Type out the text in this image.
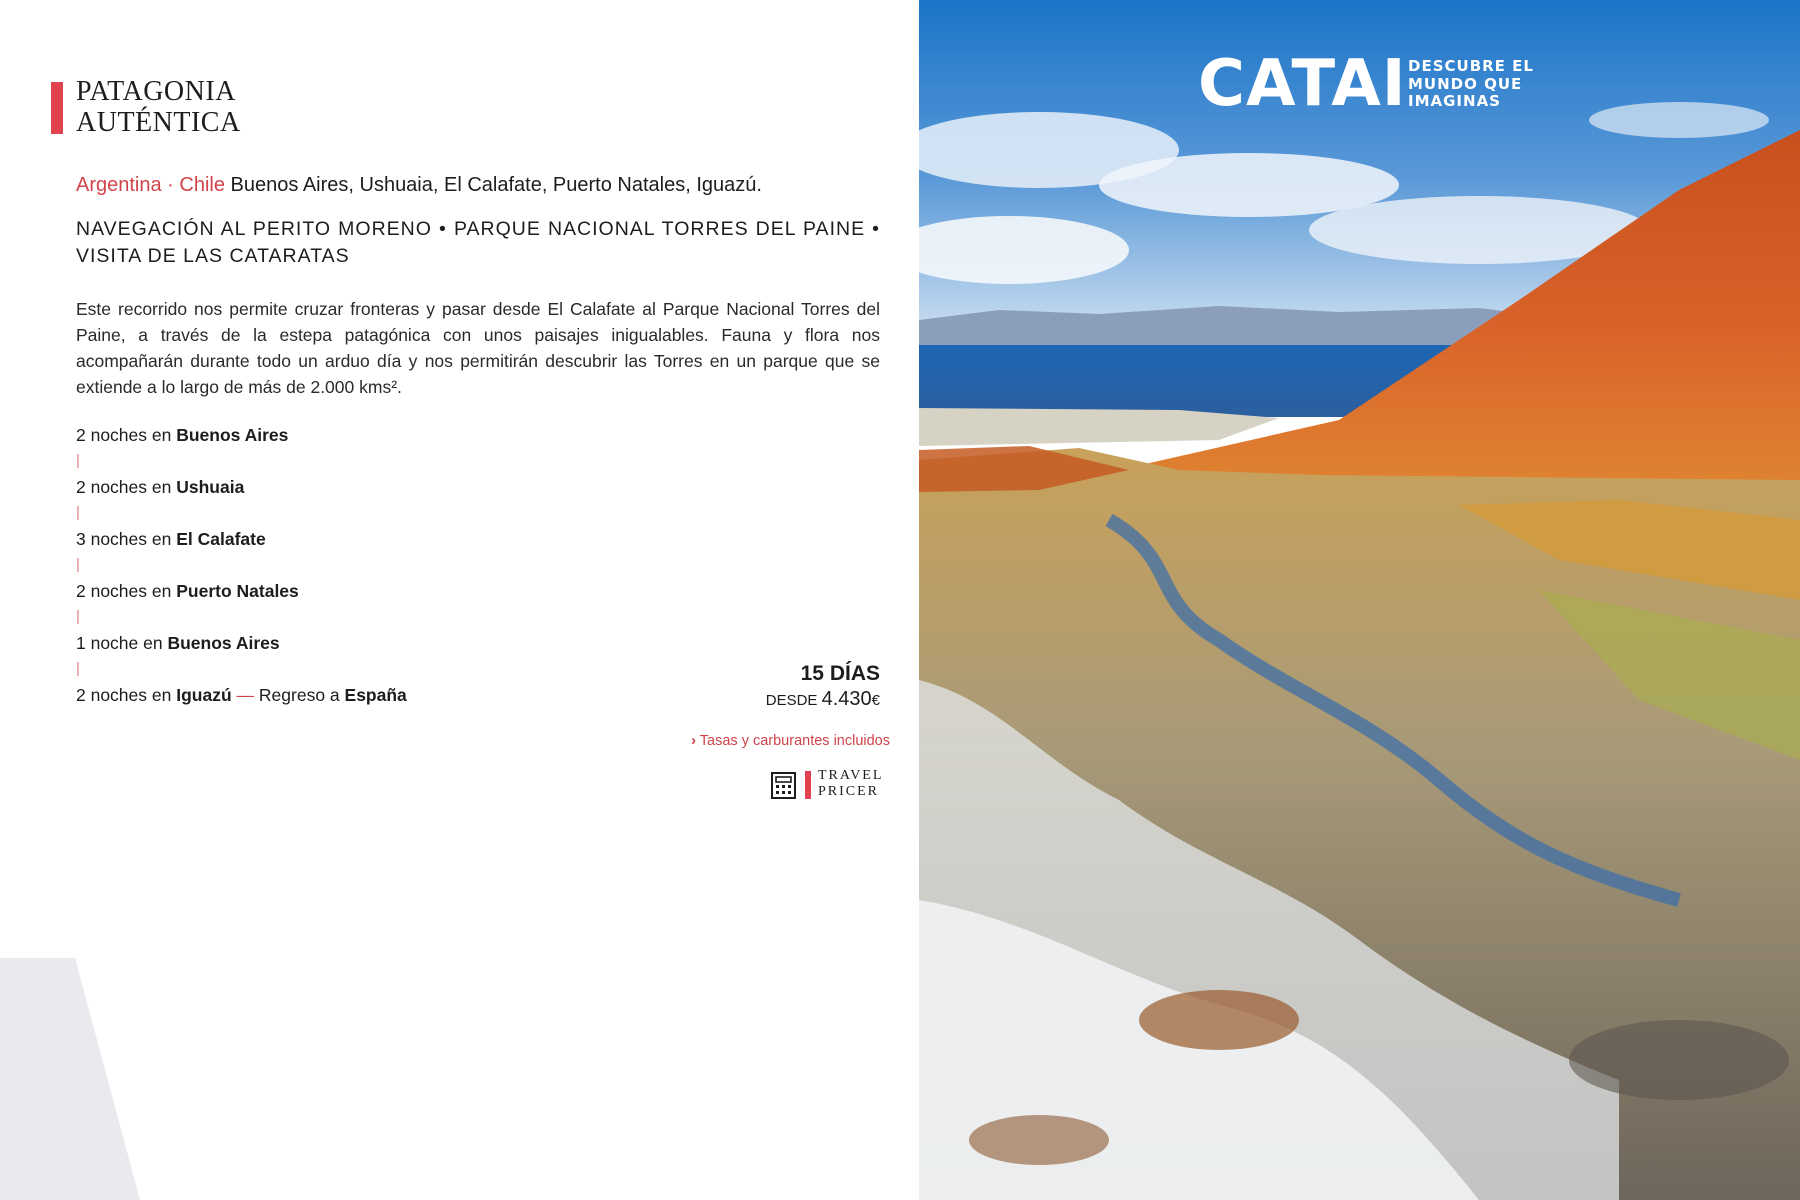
PATAGONIA
AUTÉNTICA
Argentina · Chile Buenos Aires, Ushuaia, El Calafate, Puerto Natales, Iguazú.
NAVEGACIÓN AL PERITO MORENO • PARQUE NACIONAL TORRES DEL PAINE • VISITA DE LAS CATARATAS
Este recorrido nos permite cruzar fronteras y pasar desde El Calafate al Parque Nacional Torres del Paine, a través de la estepa patagónica con unos paisajes inigualables. Fauna y flora nos acompañarán durante todo un arduo día y nos permitirán descubrir las Torres en un parque que se extiende a lo largo de más de 2.000 kms².
2 noches en Buenos Aires
|
2 noches en Ushuaia
|
3 noches en El Calafate
|
2 noches en Puerto Natales
|
1 noche en Buenos Aires
|
2 noches en Iguazú — Regreso a España
15 DÍAS
DESDE 4.430€
› Tasas y carburantes incluidos
TRAVEL
PRICER
CATAI DESCUBRE EL
MUNDO QUE
IMAGINAS
